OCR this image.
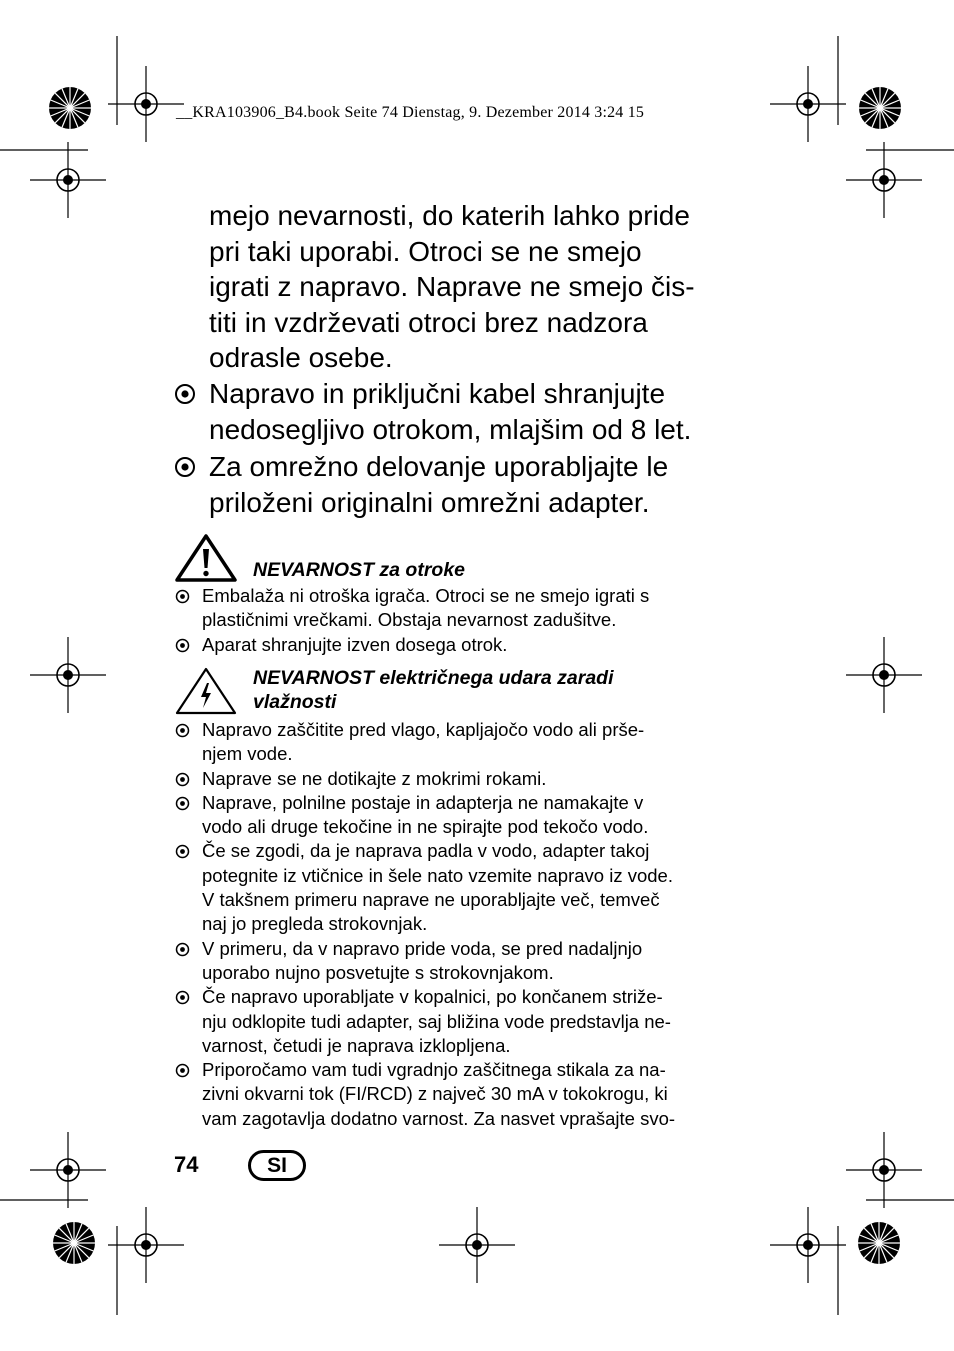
__KRA103906_B4.book Seite 74 Dienstag, 9. Dezember 2014 3:24 15

mejo nevarnosti, do katerih lahko pride

pri taki uporabi. Otroci se ne smejo

igrati z napravo. Naprave ne smejo čis-

titi in vzdrževati otroci brez nadzora

odrasle osebe.

Napravo in priključni kabel shranjujte
nedosegljivo otrokom, mlajšim od 8 let.
Za omrežno delovanje uporabljajte le
priloženi originalni omrežni adapter.
NEVARNOST za otroke
Embalaža ni otroška igrača. Otroci se ne smejo igrati s
plastičnimi vrečkami. Obstaja nevarnost zadušitve.
Aparat shranjujte izven dosega otrok.
NEVARNOST električnega udara zaradi
vlažnosti
Napravo zaščitite pred vlago, kapljajočo vodo ali prše-
njem vode.
Naprave se ne dotikajte z mokrimi rokami.
Naprave, polnilne postaje in adapterja ne namakajte v
vodo ali druge tekočine in ne spirajte pod tekočo vodo.
Če se zgodi, da je naprava padla v vodo, adapter takoj
potegnite iz vtičnice in šele nato vzemite napravo iz vode.
V takšnem primeru naprave ne uporabljajte več, temveč
naj jo pregleda strokovnjak.
V primeru, da v napravo pride voda, se pred nadaljnjo
uporabo nujno posvetujte s strokovnjakom.
Če napravo uporabljate v kopalnici, po končanem strižе-
nju odklopite tudi adapter, saj bližina vode predstavlja ne-
varnost, četudi je naprava izklopljena.
Priporočamo vam tudi vgradnjo zaščitnega stikala za na-
zivni okvarni tok (FI/RCD) z največ 30 mA v tokokrogu, ki
vam zagotavlja dodatno varnost. Za nasvet vprašajte svo-
74	SI
